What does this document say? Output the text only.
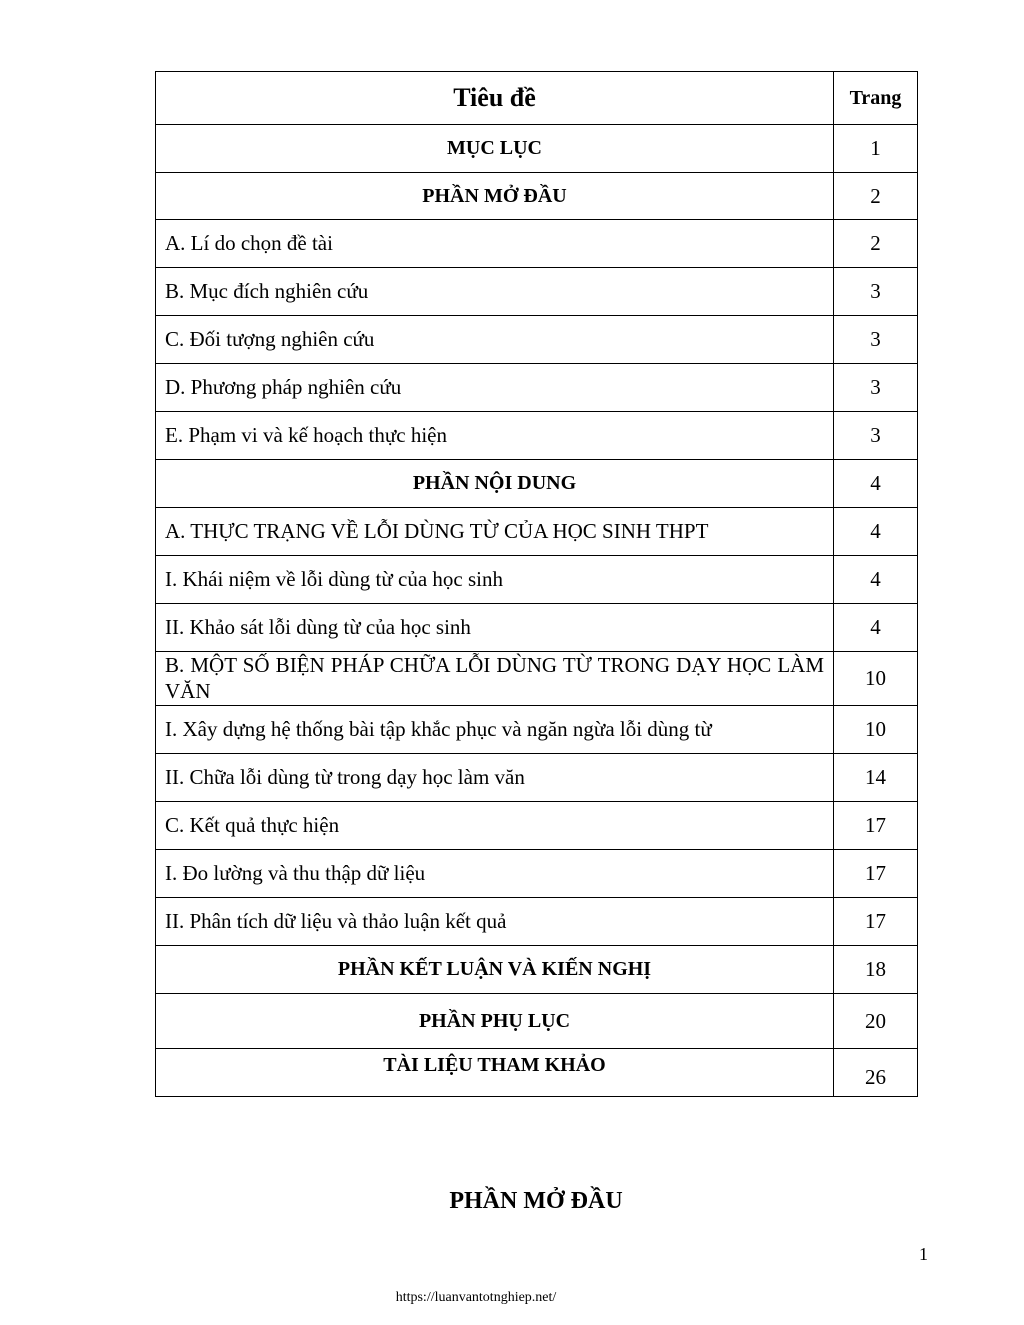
Tiêu đề	Trang
MỤC LỤC	1
PHẦN MỞ ĐẦU	2
A. Lí do chọn đề tài	2
B. Mục đích nghiên cứu	3
C. Đối tượng nghiên cứu	3
D. Phương pháp nghiên cứu	3
E. Phạm vi và kế hoạch thực hiện	3
PHẦN NỘI DUNG	4
A. THỰC TRẠNG VỀ LỖI DÙNG TỪ CỦA HỌC SINH THPT	4
I. Khái niệm về lỗi dùng từ của học sinh	4
II. Khảo sát lỗi dùng từ của học sinh	4
B. MỘT SỐ BIỆN PHÁP CHỮA LỖI DÙNG TỪ TRONG DẠY HỌC LÀM VĂN	10
I. Xây dựng hệ thống bài tập khắc phục và ngăn ngừa lỗi dùng từ	10
II. Chữa lỗi dùng từ trong dạy học làm văn	14
C. Kết quả thực hiện	17
I. Đo lường và thu thập dữ liệu	17
II. Phân tích dữ liệu và thảo luận kết quả	17
PHẦN KẾT LUẬN VÀ KIẾN NGHỊ	18
PHẦN PHỤ LỤC	20
TÀI LIỆU THAM KHẢO	26
PHẦN MỞ ĐẦU
1
https://luanvantotnghiep.net/
